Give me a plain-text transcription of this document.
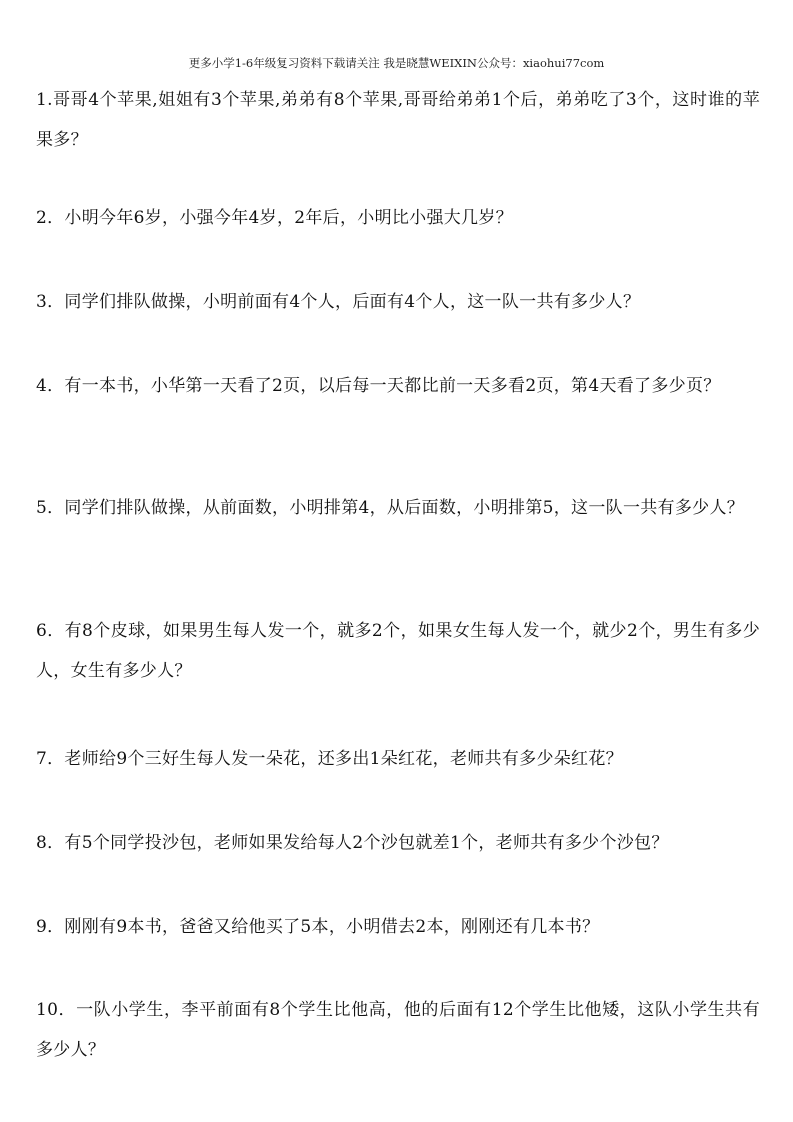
更多小学1-6年级复习资料下载请关注 我是晓慧WEIXIN公众号：xiaohui77com
1.哥哥4个苹果,姐姐有3个苹果,弟弟有8个苹果,哥哥给弟弟1个后，弟弟吃了3个，这时谁的苹果多？
2．小明今年6岁，小强今年4岁，2年后，小明比小强大几岁？
3．同学们排队做操，小明前面有4个人，后面有4个人，这一队一共有多少人？
4．有一本书，小华第一天看了2页，以后每一天都比前一天多看2页，第4天看了多少页？
5．同学们排队做操，从前面数，小明排第4，从后面数，小明排第5，这一队一共有多少人？
6．有8个皮球，如果男生每人发一个，就多2个，如果女生每人发一个，就少2个，男生有多少人，女生有多少人？
7．老师给9个三好生每人发一朵花，还多出1朵红花，老师共有多少朵红花？
8．有5个同学投沙包，老师如果发给每人2个沙包就差1个，老师共有多少个沙包？
9．刚刚有9本书，爸爸又给他买了5本，小明借去2本，刚刚还有几本书？
10．一队小学生，李平前面有8个学生比他高，他的后面有12个学生比他矮，这队小学生共有多少人？
